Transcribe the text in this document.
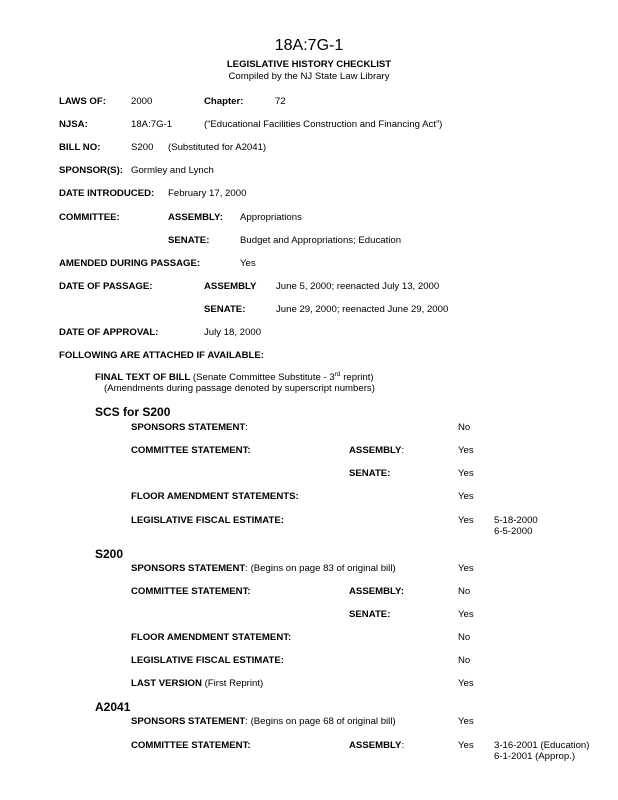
18A:7G-1
LEGISLATIVE HISTORY CHECKLIST
Compiled by the NJ State Law Library
LAWS OF:	2000	Chapter:	72
NJSA:	18A:7G-1	(“Educational Facilities Construction and Financing Act”)
BILL NO:	S200 (Substituted for A2041)
SPONSOR(S): Gormley and Lynch
DATE INTRODUCED: February 17, 2000
COMMITTEE:	ASSEMBLY: Appropriations
SENATE:	Budget and Appropriations; Education
AMENDED DURING PASSAGE:	Yes
DATE OF PASSAGE:	ASSEMBLY June 5, 2000; reenacted July 13, 2000
SENATE:	June 29, 2000; reenacted June 29, 2000
DATE OF APPROVAL:	July 18, 2000
FOLLOWING ARE ATTACHED IF AVAILABLE:
FINAL TEXT OF BILL (Senate Committee Substitute - 3rd reprint)
(Amendments during passage denoted by superscript numbers)
SCS for S200
SPONSORS STATEMENT:	No
COMMITTEE STATEMENT:	ASSEMBLY:	Yes
SENATE:	Yes
FLOOR AMENDMENT STATEMENTS:	Yes
LEGISLATIVE FISCAL ESTIMATE:	Yes 5-18-2000
6-5-2000
S200
SPONSORS STATEMENT: (Begins on page 83 of original bill)	Yes
COMMITTEE STATEMENT:	ASSEMBLY:	No
SENATE:	Yes
FLOOR AMENDMENT STATEMENT:	No
LEGISLATIVE FISCAL ESTIMATE:	No
LAST VERSION (First Reprint)	Yes
A2041
SPONSORS STATEMENT: (Begins on page 68 of original bill)	Yes
COMMITTEE STATEMENT:	ASSEMBLY:	Yes 3-16-2001 (Education)
6-1-2001 (Approp.)
